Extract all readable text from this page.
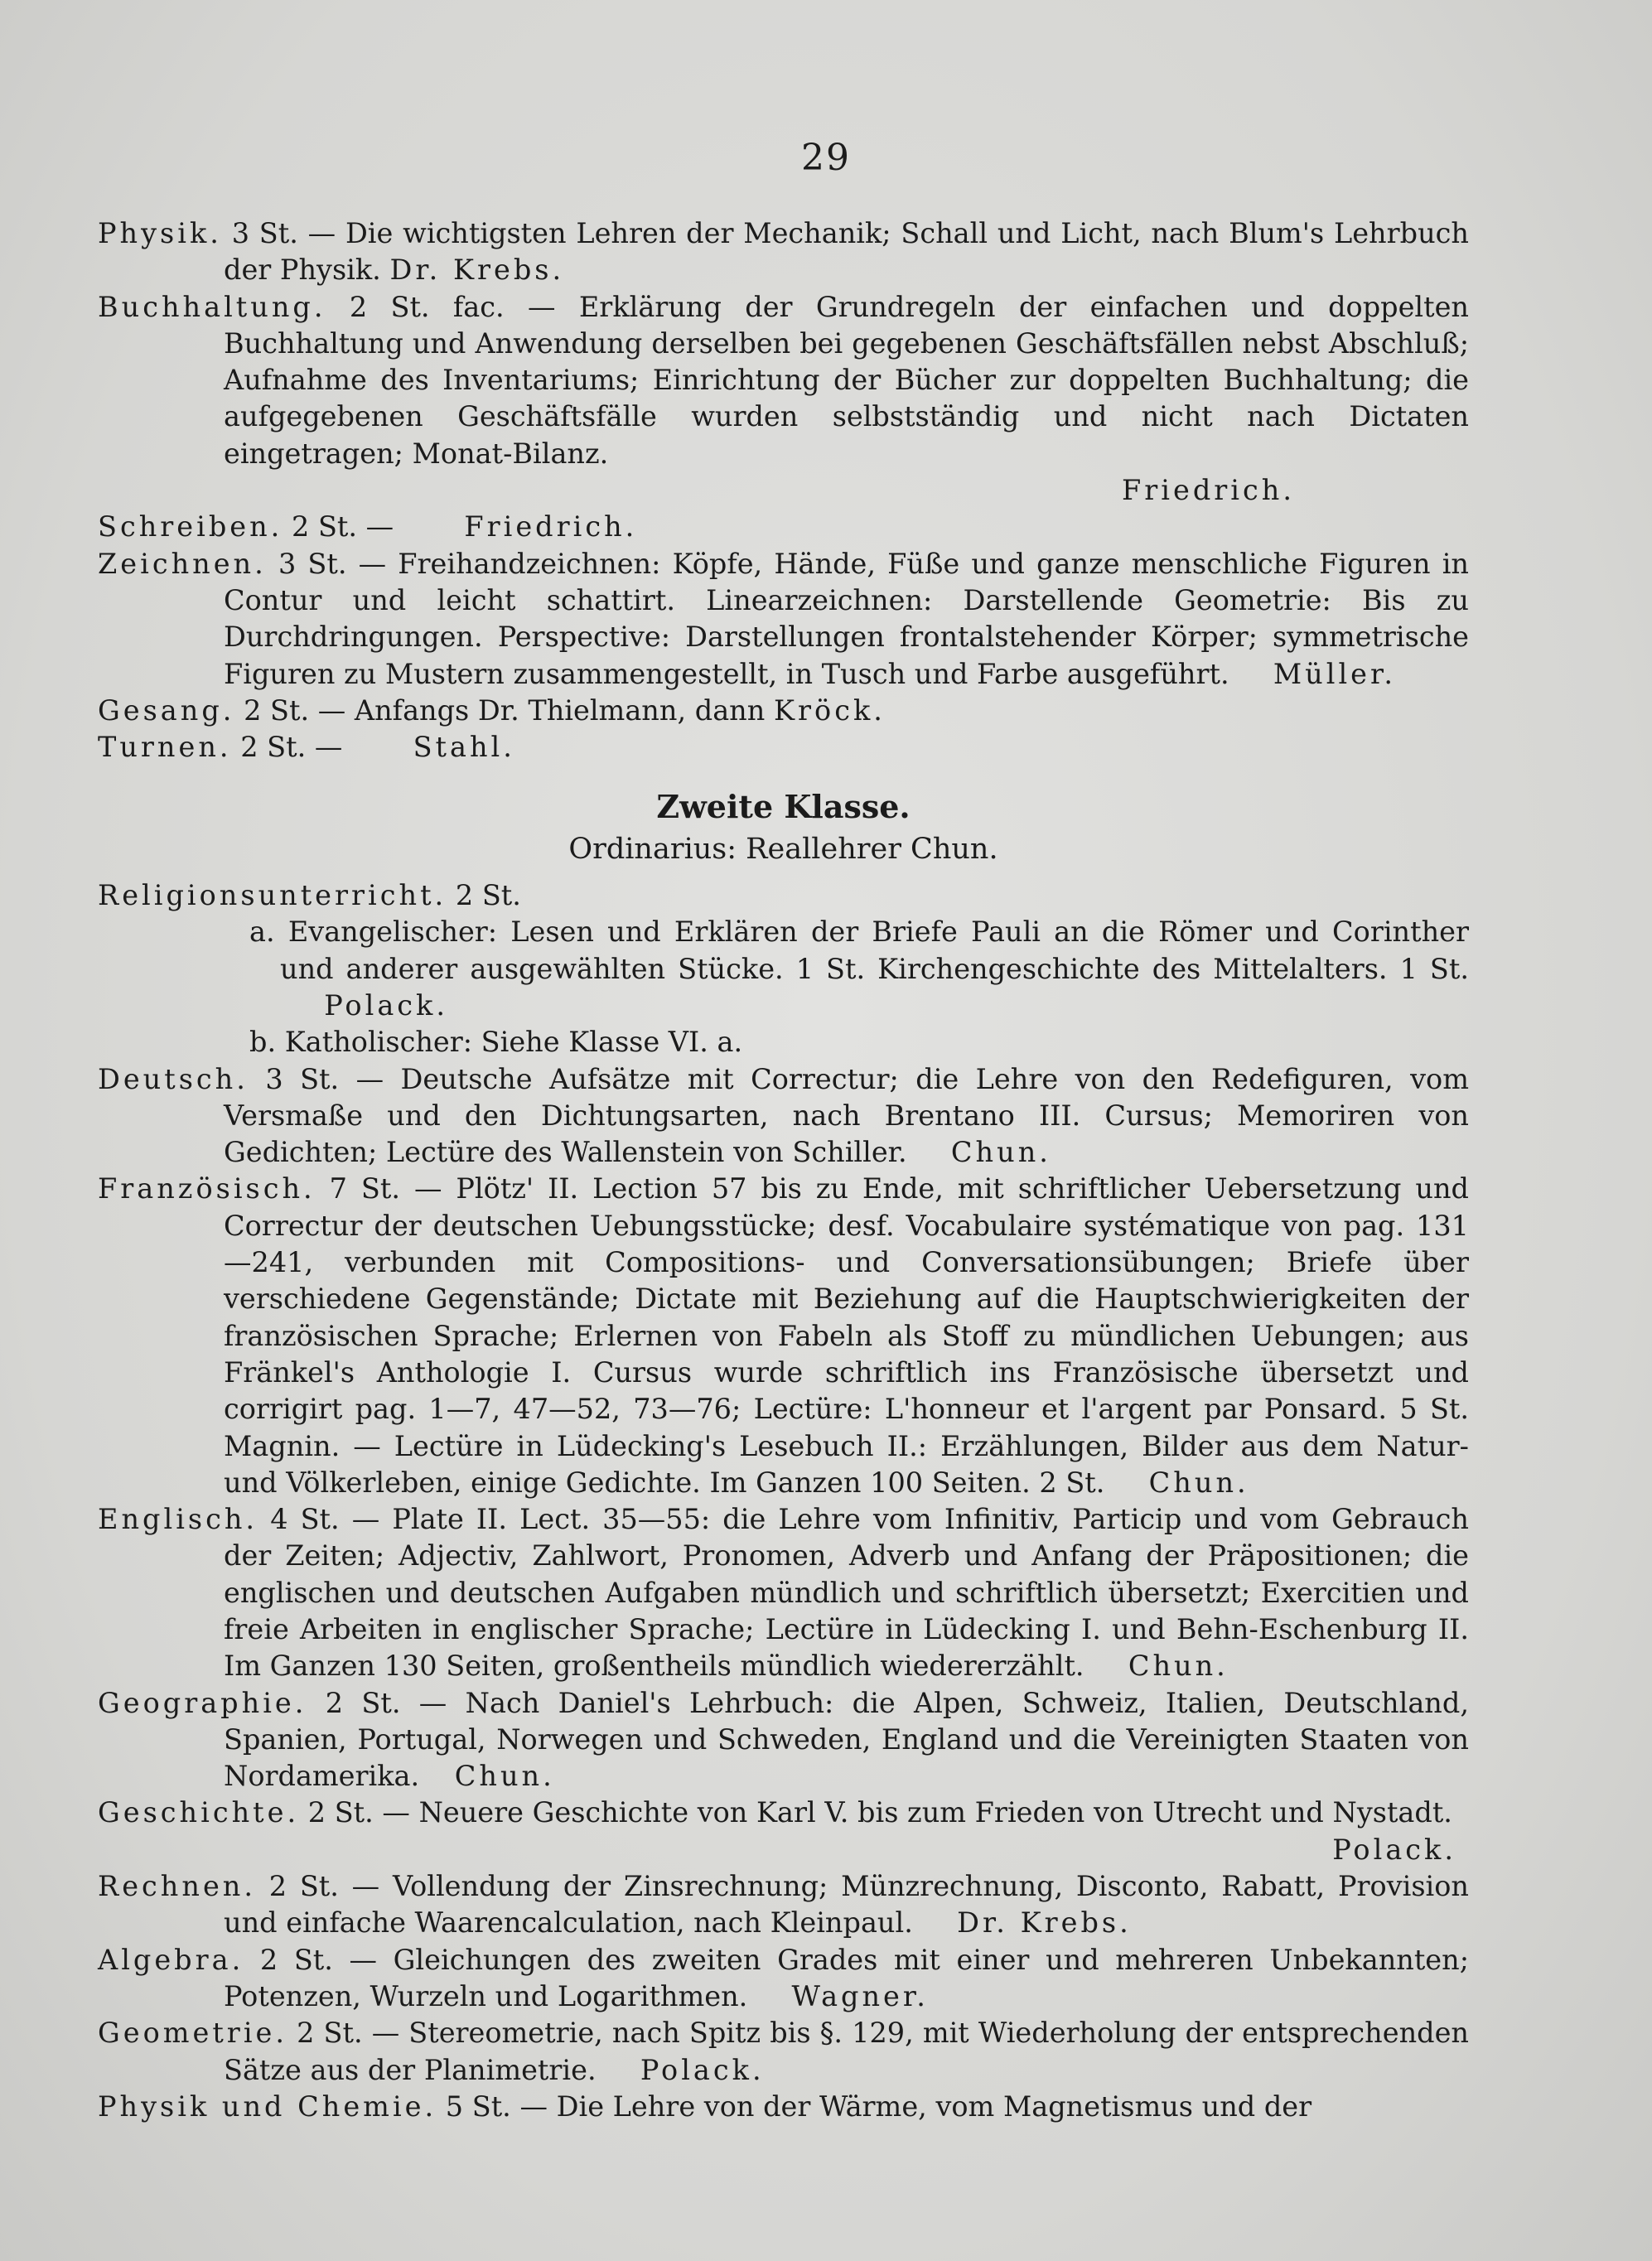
29

Physik. 3 St. — Die wichtigsten Lehren der Mechanik; Schall und Licht, nach Blum's Lehrbuch der Physik. Dr. Krebs.

Buchhaltung. 2 St. fac. — Erklärung der Grundregeln der einfachen und doppelten Buchhaltung und Anwendung derselben bei gegebenen Geschäftsfällen nebst Abschluß; Aufnahme des Inventariums; Einrichtung der Bücher zur doppelten Buchhaltung; die aufgegebenen Geschäftsfälle wurden selbstständig und nicht nach Dictaten eingetragen; Monat-Bilanz.

Friedrich.

Schreiben. 2 St. —	Friedrich.

Zeichnen. 3 St. — Freihandzeichnen: Köpfe, Hände, Füße und ganze menschliche Figuren in Contur und leicht schattirt. Linearzeichnen: Darstellende Geometrie: Bis zu Durchdringungen. Perspective: Darstellungen frontalstehender Körper; symmetrische Figuren zu Mustern zusammengestellt, in Tusch und Farbe ausgeführt. Müller.

Gesang. 2 St. — Anfangs Dr. Thielmann, dann Kröck.

Turnen. 2 St. —	Stahl.

Zweite Klasse.

Ordinarius: Reallehrer Chun.

Religionsunterricht. 2 St.

a. Evangelischer: Lesen und Erklären der Briefe Pauli an die Römer und Corinther und anderer ausgewählten Stücke. 1 St. Kirchengeschichte des Mittelalters. 1 St.      Polack.

b. Katholischer: Siehe Klasse VI. a.

Deutsch. 3 St. — Deutsche Aufsätze mit Correctur; die Lehre von den Redefiguren, vom Versmaße und den Dichtungsarten, nach Brentano III. Cursus; Memoriren von Gedichten; Lectüre des Wallenstein von Schiller. Chun.

Französisch. 7 St. — Plötz' II. Lection 57 bis zu Ende, mit schriftlicher Uebersetzung und Correctur der deutschen Uebungsstücke; desf. Vocabulaire systématique von pag. 131—241, verbunden mit Compositions- und Conversationsübungen; Briefe über verschiedene Gegenstände; Dictate mit Beziehung auf die Hauptschwierigkeiten der französischen Sprache; Erlernen von Fabeln als Stoff zu mündlichen Uebungen; aus Fränkel's Anthologie I. Cursus wurde schriftlich ins Französische übersetzt und corrigirt pag. 1—7, 47—52, 73—76; Lectüre: L'honneur et l'argent par Ponsard. 5 St. Magnin. — Lectüre in Lüdecking's Lesebuch II.: Erzählungen, Bilder aus dem Natur- und Völkerleben, einige Gedichte. Im Ganzen 100 Seiten. 2 St. Chun.

Englisch. 4 St. — Plate II. Lect. 35—55: die Lehre vom Infinitiv, Particip und vom Gebrauch der Zeiten; Adjectiv, Zahlwort, Pronomen, Adverb und Anfang der Präpositionen; die englischen und deutschen Aufgaben mündlich und schriftlich übersetzt; Exercitien und freie Arbeiten in englischer Sprache; Lectüre in Lüdecking I. und Behn-Eschenburg II. Im Ganzen 130 Seiten, großentheils mündlich wiedererzählt. Chun.

Geographie. 2 St. — Nach Daniel's Lehrbuch: die Alpen, Schweiz, Italien, Deutschland, Spanien, Portugal, Norwegen und Schweden, England und die Vereinigten Staaten von Nordamerika. Chun.

Geschichte. 2 St. — Neuere Geschichte von Karl V. bis zum Frieden von Utrecht und Nystadt.

Polack.

Rechnen. 2 St. — Vollendung der Zinsrechnung; Münzrechnung, Disconto, Rabatt, Provision und einfache Waarencalculation, nach Kleinpaul. Dr. Krebs.

Algebra. 2 St. — Gleichungen des zweiten Grades mit einer und mehreren Unbekannten; Potenzen, Wurzeln und Logarithmen. Wagner.

Geometrie. 2 St. — Stereometrie, nach Spitz bis §. 129, mit Wiederholung der entsprechenden Sätze aus der Planimetrie. Polack.

Physik und Chemie. 5 St. — Die Lehre von der Wärme, vom Magnetismus und der
